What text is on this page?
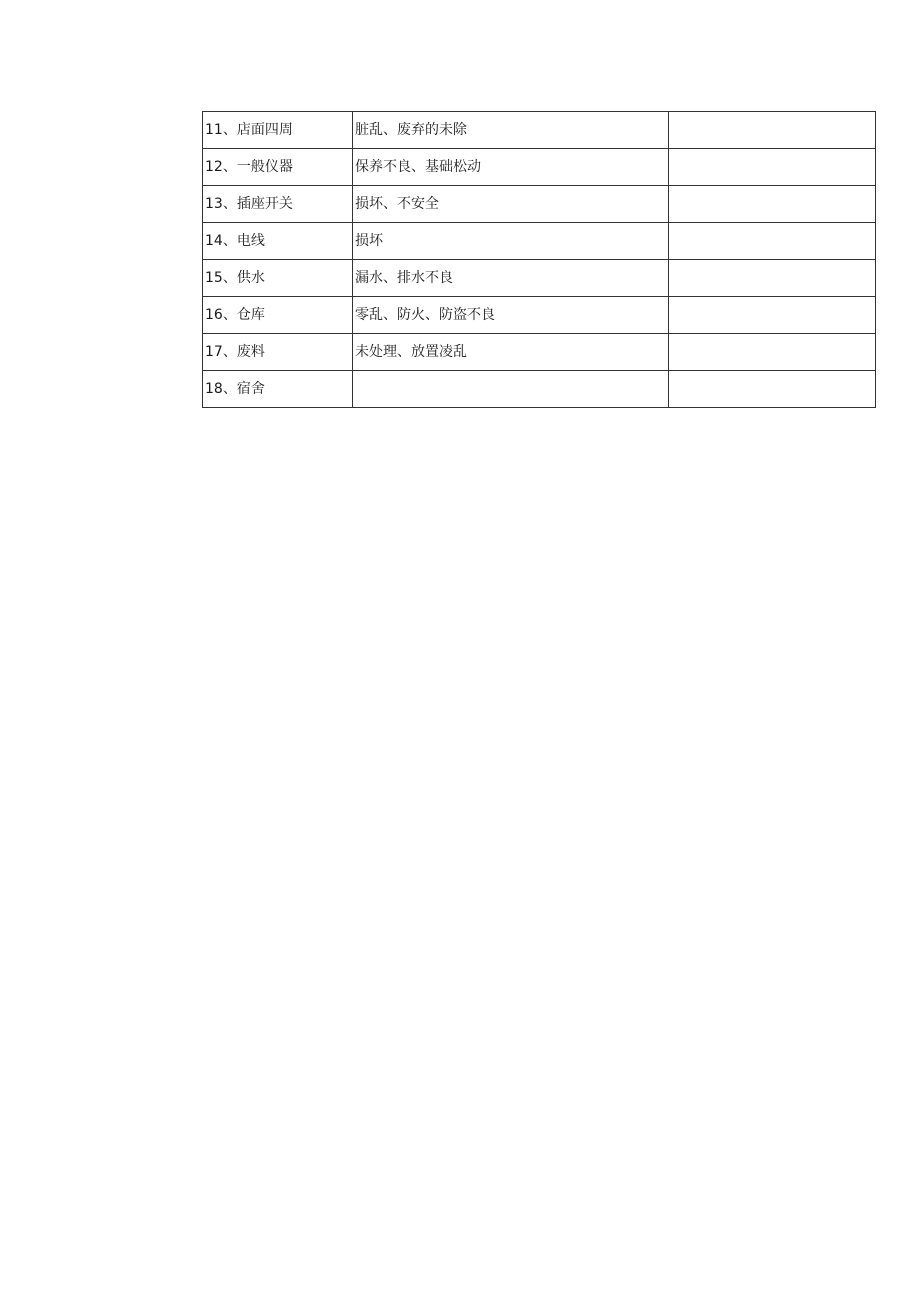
11、店面四周	脏乱、废弃的未除	
12、一般仪器	保养不良、基础松动	
13、插座开关	损坏、不安全	
14、电线	损坏	
15、供水	漏水、排水不良	
16、仓库	零乱、防火、防盗不良	
17、废料	未处理、放置凌乱	
18、宿舍		
